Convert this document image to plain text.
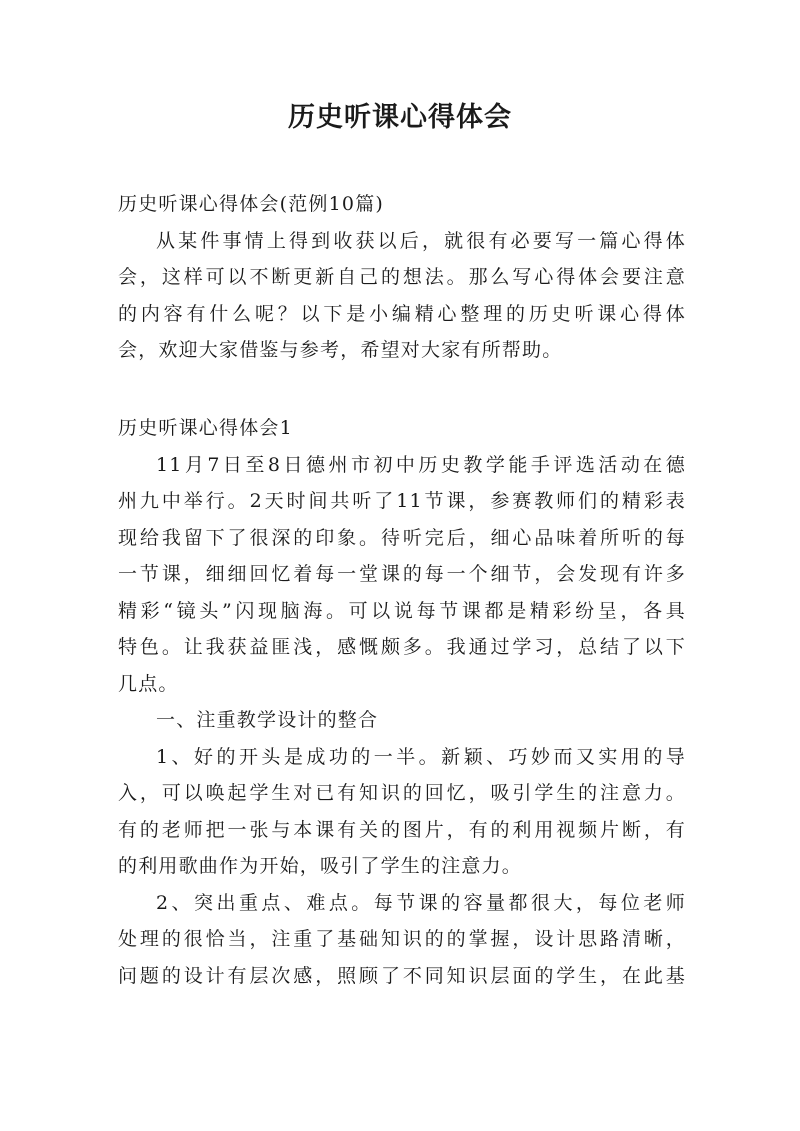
历史听课心得体会

历史听课心得体会(范例10篇)

从某件事情上得到收获以后，就很有必要写一篇心得体

会，这样可以不断更新自己的想法。那么写心得体会要注意

的内容有什么呢？以下是小编精心整理的历史听课心得体

会，欢迎大家借鉴与参考，希望对大家有所帮助。

历史听课心得体会1

11月7日至8日德州市初中历史教学能手评选活动在德

州九中举行。2天时间共听了11节课，参赛教师们的精彩表

现给我留下了很深的印象。待听完后，细心品味着所听的每

一节课，细细回忆着每一堂课的每一个细节，会发现有许多

精彩“镜头”闪现脑海。可以说每节课都是精彩纷呈，各具

特色。让我获益匪浅，感慨颇多。我通过学习，总结了以下

几点。

一、注重教学设计的整合

1、好的开头是成功的一半。新颖、巧妙而又实用的导

入，可以唤起学生对已有知识的回忆，吸引学生的注意力。

有的老师把一张与本课有关的图片，有的利用视频片断，有

的利用歌曲作为开始，吸引了学生的注意力。

2、突出重点、难点。每节课的容量都很大，每位老师

处理的很恰当，注重了基础知识的的掌握，设计思路清晰，

问题的设计有层次感，照顾了不同知识层面的学生，在此基
